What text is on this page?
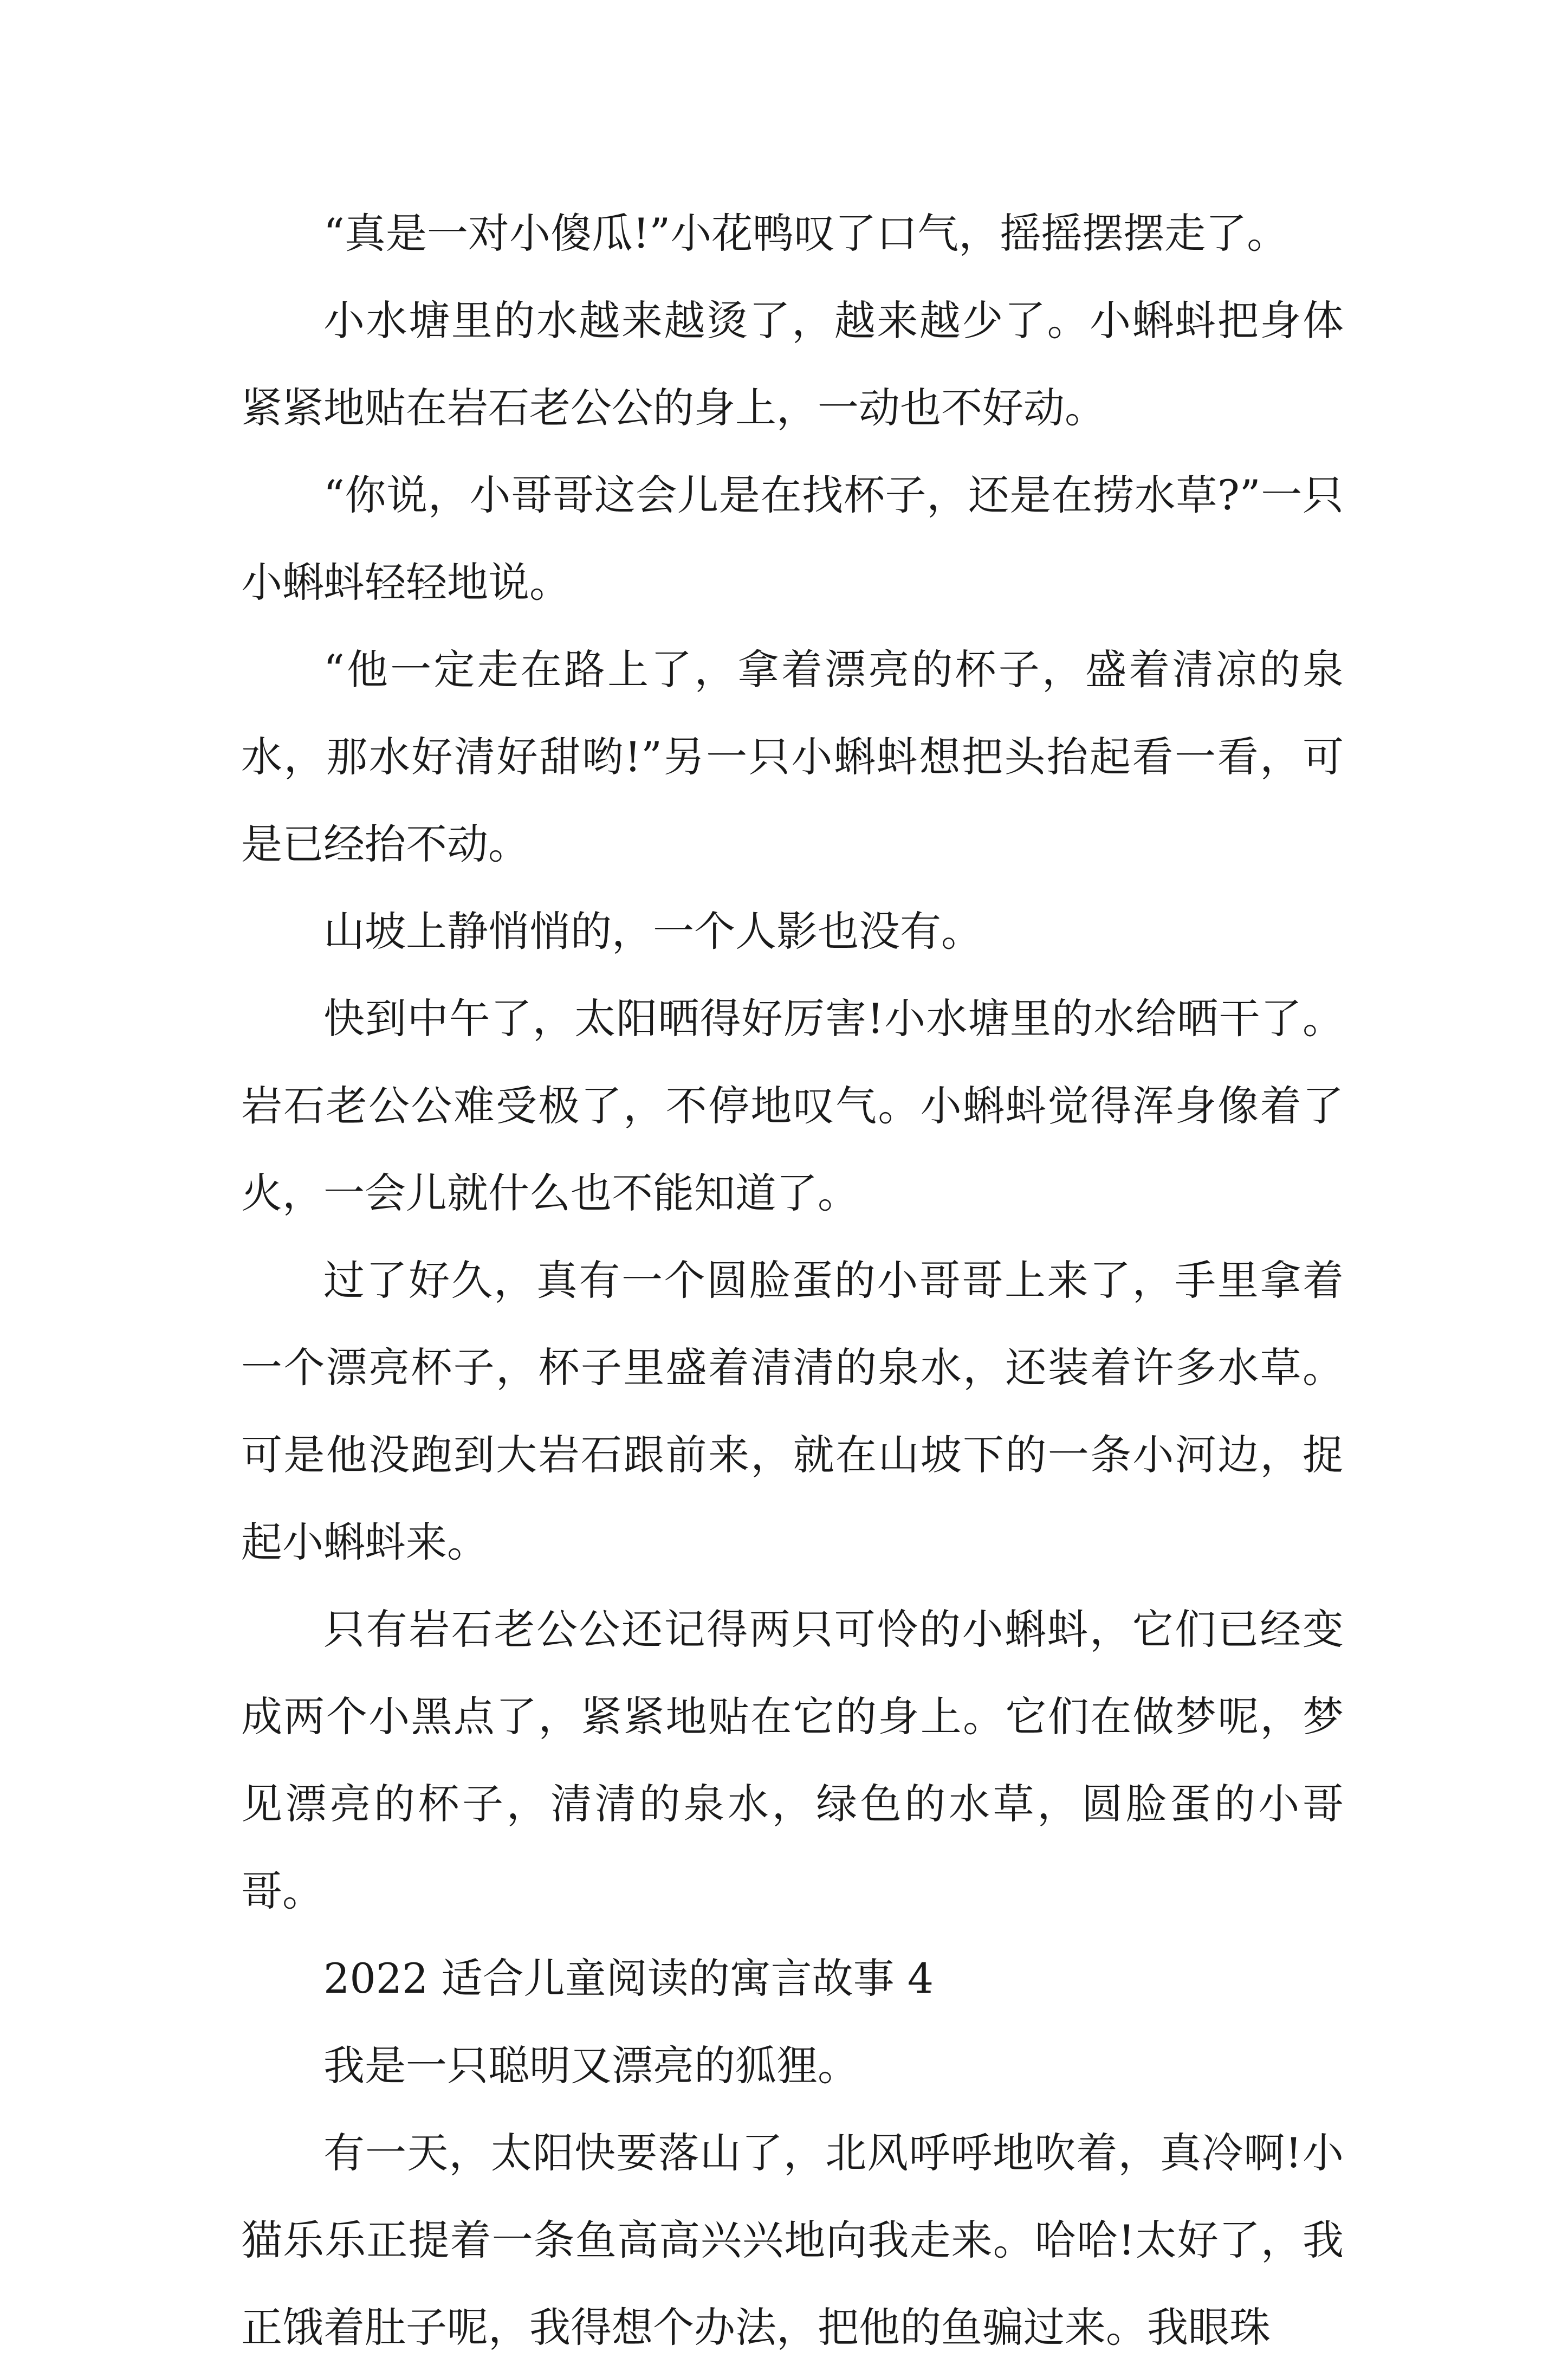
“真是一对小傻瓜!”小花鸭叹了口气，摇摇摆摆走了。

小水塘里的水越来越烫了，越来越少了。小蝌蚪把身体紧紧地贴在岩石老公公的身上，一动也不好动。

“你说，小哥哥这会儿是在找杯子，还是在捞水草?”一只小蝌蚪轻轻地说。

“他一定走在路上了，拿着漂亮的杯子，盛着清凉的泉水，那水好清好甜哟!”另一只小蝌蚪想把头抬起看一看，可是已经抬不动。

山坡上静悄悄的，一个人影也没有。

快到中午了，太阳晒得好厉害!小水塘里的水给晒干了。岩石老公公难受极了，不停地叹气。小蝌蚪觉得浑身像着了火，一会儿就什么也不能知道了。

过了好久，真有一个圆脸蛋的小哥哥上来了，手里拿着一个漂亮杯子，杯子里盛着清清的泉水，还装着许多水草。可是他没跑到大岩石跟前来，就在山坡下的一条小河边，捉起小蝌蚪来。

只有岩石老公公还记得两只可怜的小蝌蚪，它们已经变成两个小黑点了，紧紧地贴在它的身上。它们在做梦呢，梦见漂亮的杯子，清清的泉水，绿色的水草，圆脸蛋的小哥哥。

2022 适合儿童阅读的寓言故事 4

我是一只聪明又漂亮的狐狸。

有一天，太阳快要落山了，北风呼呼地吹着，真冷啊!小猫乐乐正提着一条鱼高高兴兴地向我走来。哈哈!太好了，我正饿着肚子呢，我得想个办法，把他的鱼骗过来。我眼珠
